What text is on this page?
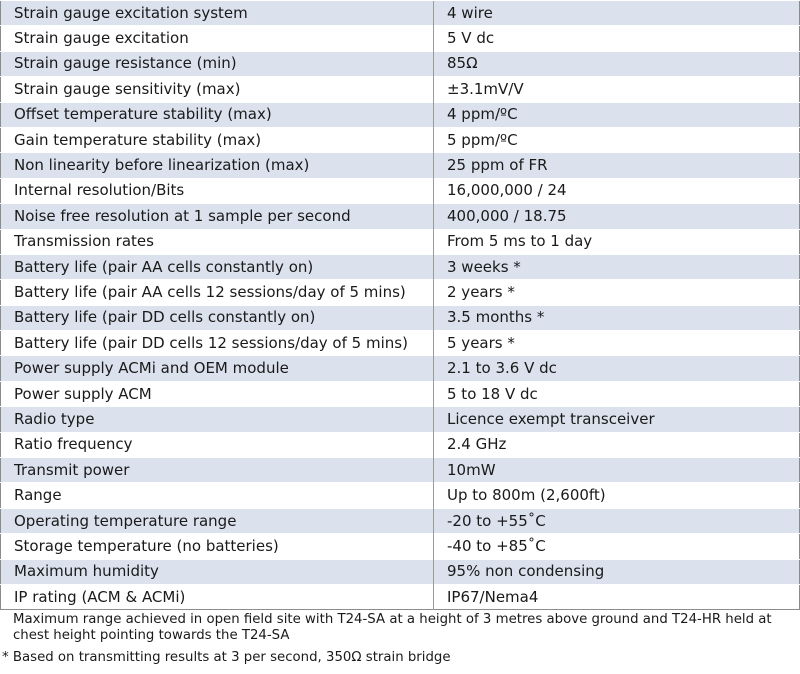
Strain gauge excitation system	4 wire
Strain gauge excitation	5 V dc
Strain gauge resistance (min)	85Ω
Strain gauge sensitivity (max)	±3.1mV/V
Offset temperature stability (max)	4 ppm/ºC
Gain temperature stability (max)	5 ppm/ºC
Non linearity before linearization (max)	25 ppm of FR
Internal resolution/Bits	16,000,000 / 24
Noise free resolution at 1 sample per second	400,000 / 18.75
Transmission rates	From 5 ms to 1 day
Battery life (pair AA cells constantly on)	3 weeks *
Battery life (pair AA cells 12 sessions/day of 5 mins)	2 years *
Battery life (pair DD cells constantly on)	3.5 months *
Battery life (pair DD cells 12 sessions/day of 5 mins)	5 years *
Power supply ACMi and OEM module	2.1 to 3.6 V dc
Power supply ACM	5 to 18 V dc
Radio type	Licence exempt transceiver
Ratio frequency	2.4 GHz
Transmit power	10mW
Range	Up to 800m (2,600ft)
Operating temperature range	-20 to +55˚C
Storage temperature (no batteries)	-40 to +85˚C
Maximum humidity	95% non condensing
IP rating (ACM & ACMi)	IP67/Nema4

Maximum range achieved in open field site with T24-SA at a height of 3 metres above ground and T24-HR held at chest height pointing towards the T24-SA

* Based on transmitting results at 3 per second, 350Ω strain bridge
